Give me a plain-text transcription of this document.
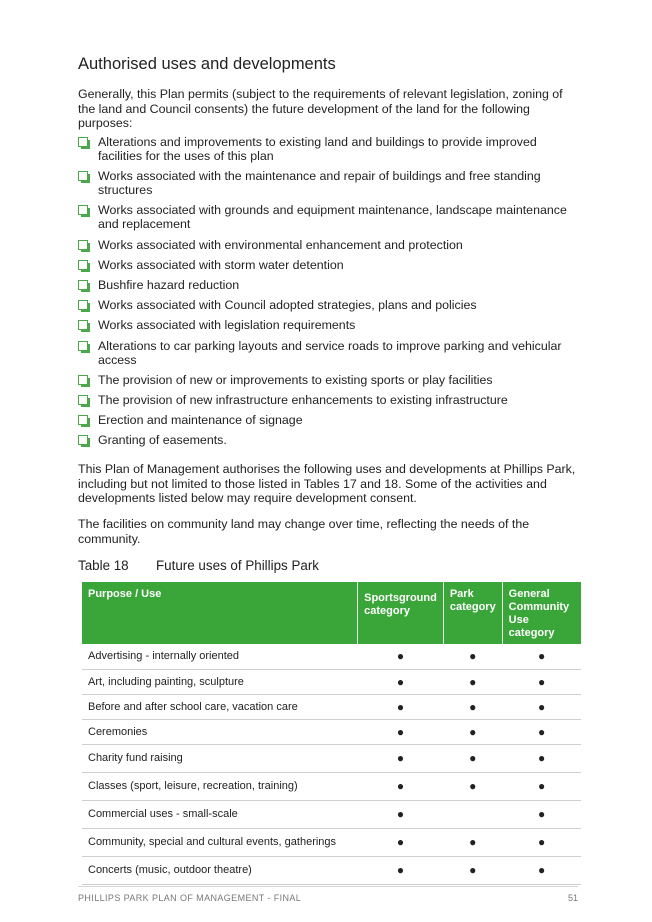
Authorised uses and developments

Generally, this Plan permits (subject to the requirements of relevant legislation, zoning of the land and Council consents) the future development of the land for the following purposes:

Alterations and improvements to existing land and buildings to provide improved facilities for the uses of this plan
Works associated with the maintenance and repair of buildings and free standing structures
Works associated with grounds and equipment maintenance, landscape maintenance and replacement
Works associated with environmental enhancement and protection
Works associated with storm water detention
Bushfire hazard reduction
Works associated with Council adopted strategies, plans and policies
Works associated with legislation requirements
Alterations to car parking layouts and service roads to improve parking and vehicular access
The provision of new or improvements to existing sports or play facilities
The provision of new infrastructure enhancements to existing infrastructure
Erection and maintenance of signage
Granting of easements.

This Plan of Management authorises the following uses and developments at Phillips Park, including but not limited to those listed in Tables 17 and 18. Some of the activities and developments listed below may require development consent.

The facilities on community land may change over time, reflecting the needs of the community.

Table 18 Future uses of Phillips Park
Purpose / Use	Sportsground category	Park category	General Community Use category
Advertising - internally oriented	●	●	●
Art, including painting, sculpture	●	●	●
Before and after school care, vacation care	●	●	●
Ceremonies	●	●	●
Charity fund raising	●	●	●
Classes (sport, leisure, recreation, training)	●	●	●
Commercial uses - small-scale	●		●
Community, special and cultural events, gatherings	●	●	●
Concerts (music, outdoor theatre)	●	●	●
PHILLIPS PARK PLAN OF MANAGEMENT - FINAL	51
